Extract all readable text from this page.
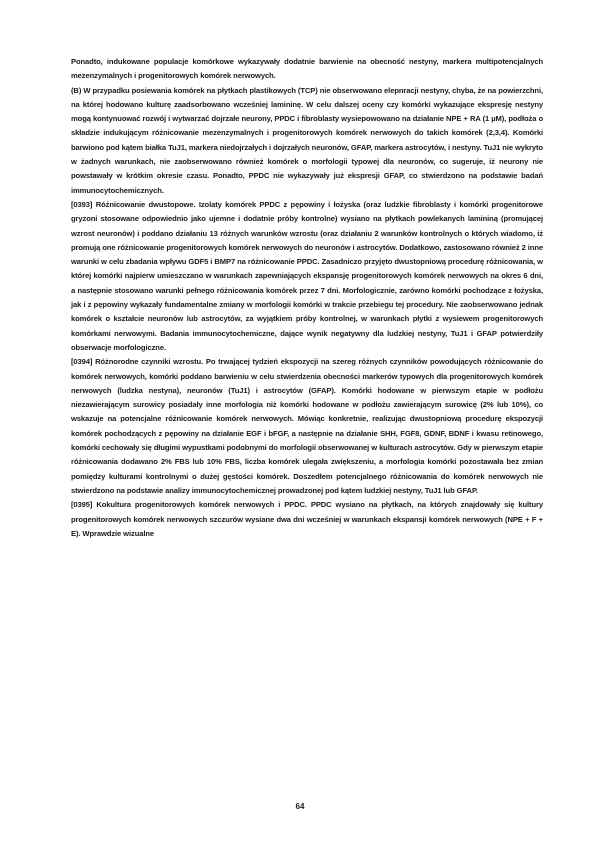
Ponadto, indukowane populacje komórkowe wykazywały dodatnie barwienie na obecność nestyny, markera multipotencjalnych mezenzymalnych i progenitorowych komórek nerwowych.

(B) W przypadku posiewania komórek na płytkach plastikowych (TCP) nie obserwowano elepnracji nestyny, chyba, że na powierzchni, na której hodowano kulturę zaadsorbowano wcześniej lamininę. W celu dalszej oceny czy komórki wykazujące ekspresję nestyny mogą kontynuować rozwój i wytwarzać dojrzałe neurony, PPDC i fibroblasty wysiepowowano na działanie NPE + RA (1 µM), podłoża o składzie indukującym różnicowanie mezenzymalnych i progenitorowych komórek nerwowych do takich komórek (2,3,4). Komórki barwiono pod kątem białka TuJ1, markera niedojrzałych i dojrzałych neuronów, GFAP, markera astrocytów, i nestyny. TuJ1 nie wykryto w żadnych warunkach, nie zaobserwowano również komórek o morfologii typowej dla neuronów, co sugeruje, iż neurony nie powstawały w krótkim okresie czasu. Ponadto, PPDC nie wykazywały już ekspresji GFAP, co stwierdzono na podstawie badań immunocytochemicznych.

[0393] Różnicowanie dwustopowe. Izolaty komórek PPDC z pępowiny i łożyska (oraz ludzkie fibroblasty i komórki progenitorowe gryzoni stosowane odpowiednio jako ujemne i dodatnie próby kontrolne) wysiano na płytkach powlekanych lamininą (promującej wzrost neuronów) i poddano działaniu 13 różnych warunków wzrostu (oraz działaniu 2 warunków kontrolnych o których wiadomo, iż promują one różnicowanie progenitorowych komórek nerwowych do neuronów i astrocytów. Dodatkowo, zastosowano również 2 inne warunki w celu zbadania wpływu GDF5 i BMP7 na różnicowanie PPDC. Zasadniczo przyjęto dwustopniową procedurę różnicowania, w której komórki najpierw umieszczano w warunkach zapewniających ekspansję progenitorowych komórek nerwowych na okres 6 dni, a następnie stosowano warunki pełnego różnicowania komórek przez 7 dni. Morfologicznie, zarówno komórki pochodzące z łożyska, jak i z pępowiny wykazały fundamentalne zmiany w morfologii komórki w trakcie przebiegu tej procedury. Nie zaobserwowano jednak komórek o kształcie neuronów lub astrocytów, za wyjątkiem próby kontrolnej, w warunkach płytki z wysiewem progenitorowych komórkami nerwowymi. Badania immunocytochemiczne, dające wynik negatywny dla ludzkiej nestyny, TuJ1 i GFAP potwierdziły obserwacje morfologiczne.

[0394] Różnorodne czynniki wzrostu. Po trwającej tydzień ekspozycji na szereg różnych czynników powodujących różnicowanie do komórek nerwowych, komórki poddano barwieniu w celu stwierdzenia obecności markerów typowych dla progenitorowych komórek nerwowych (ludzka nestyna), neuronów (TuJ1) i astrocytów (GFAP). Komórki hodowane w pierwszym etapie w podłożu niezawierającym surowicy posiadały inne morfologia niż komórki hodowane w podłożu zawierającym surowicę (2% lub 10%), co wskazuje na potencjalne różnicowanie komórek nerwowych. Mówiąc konkretnie, realizując dwustopniową procedurę ekspozycji komórek pochodzących z pępowiny na działanie EGF i bFGF, a następnie na działanie SHH, FGF8, GDNF, BDNF i kwasu retinowego, komórki cechowały się długimi wypustkami podobnymi do morfologii obserwowanej w kulturach astrocytów. Gdy w pierwszym etapie różnicowania dodawano 2% FBS lub 10% FBS, liczba komórek ulegała zwiększeniu, a morfologia komórki pozostawała bez zmian pomiędzy kulturami kontrolnymi o dużej gęstości komórek. Doszedłem potencjalnego różnicowania do komórek nerwowych nie stwierdzono na podstawie analizy immunocytochemicznej prowadzonej pod kątem ludzkiej nestyny, TuJ1 lub GFAP.

[0395] Kokultura progenitorowych komórek nerwowych i PPDC. PPDC wysiano na płytkach, na których znajdowały się kultury progenitorowych komórek nerwowych szczurów wysiane dwa dni wcześniej w warunkach ekspansji komórek nerwowych (NPE + F + E). Wprawdzie wizualne

64
